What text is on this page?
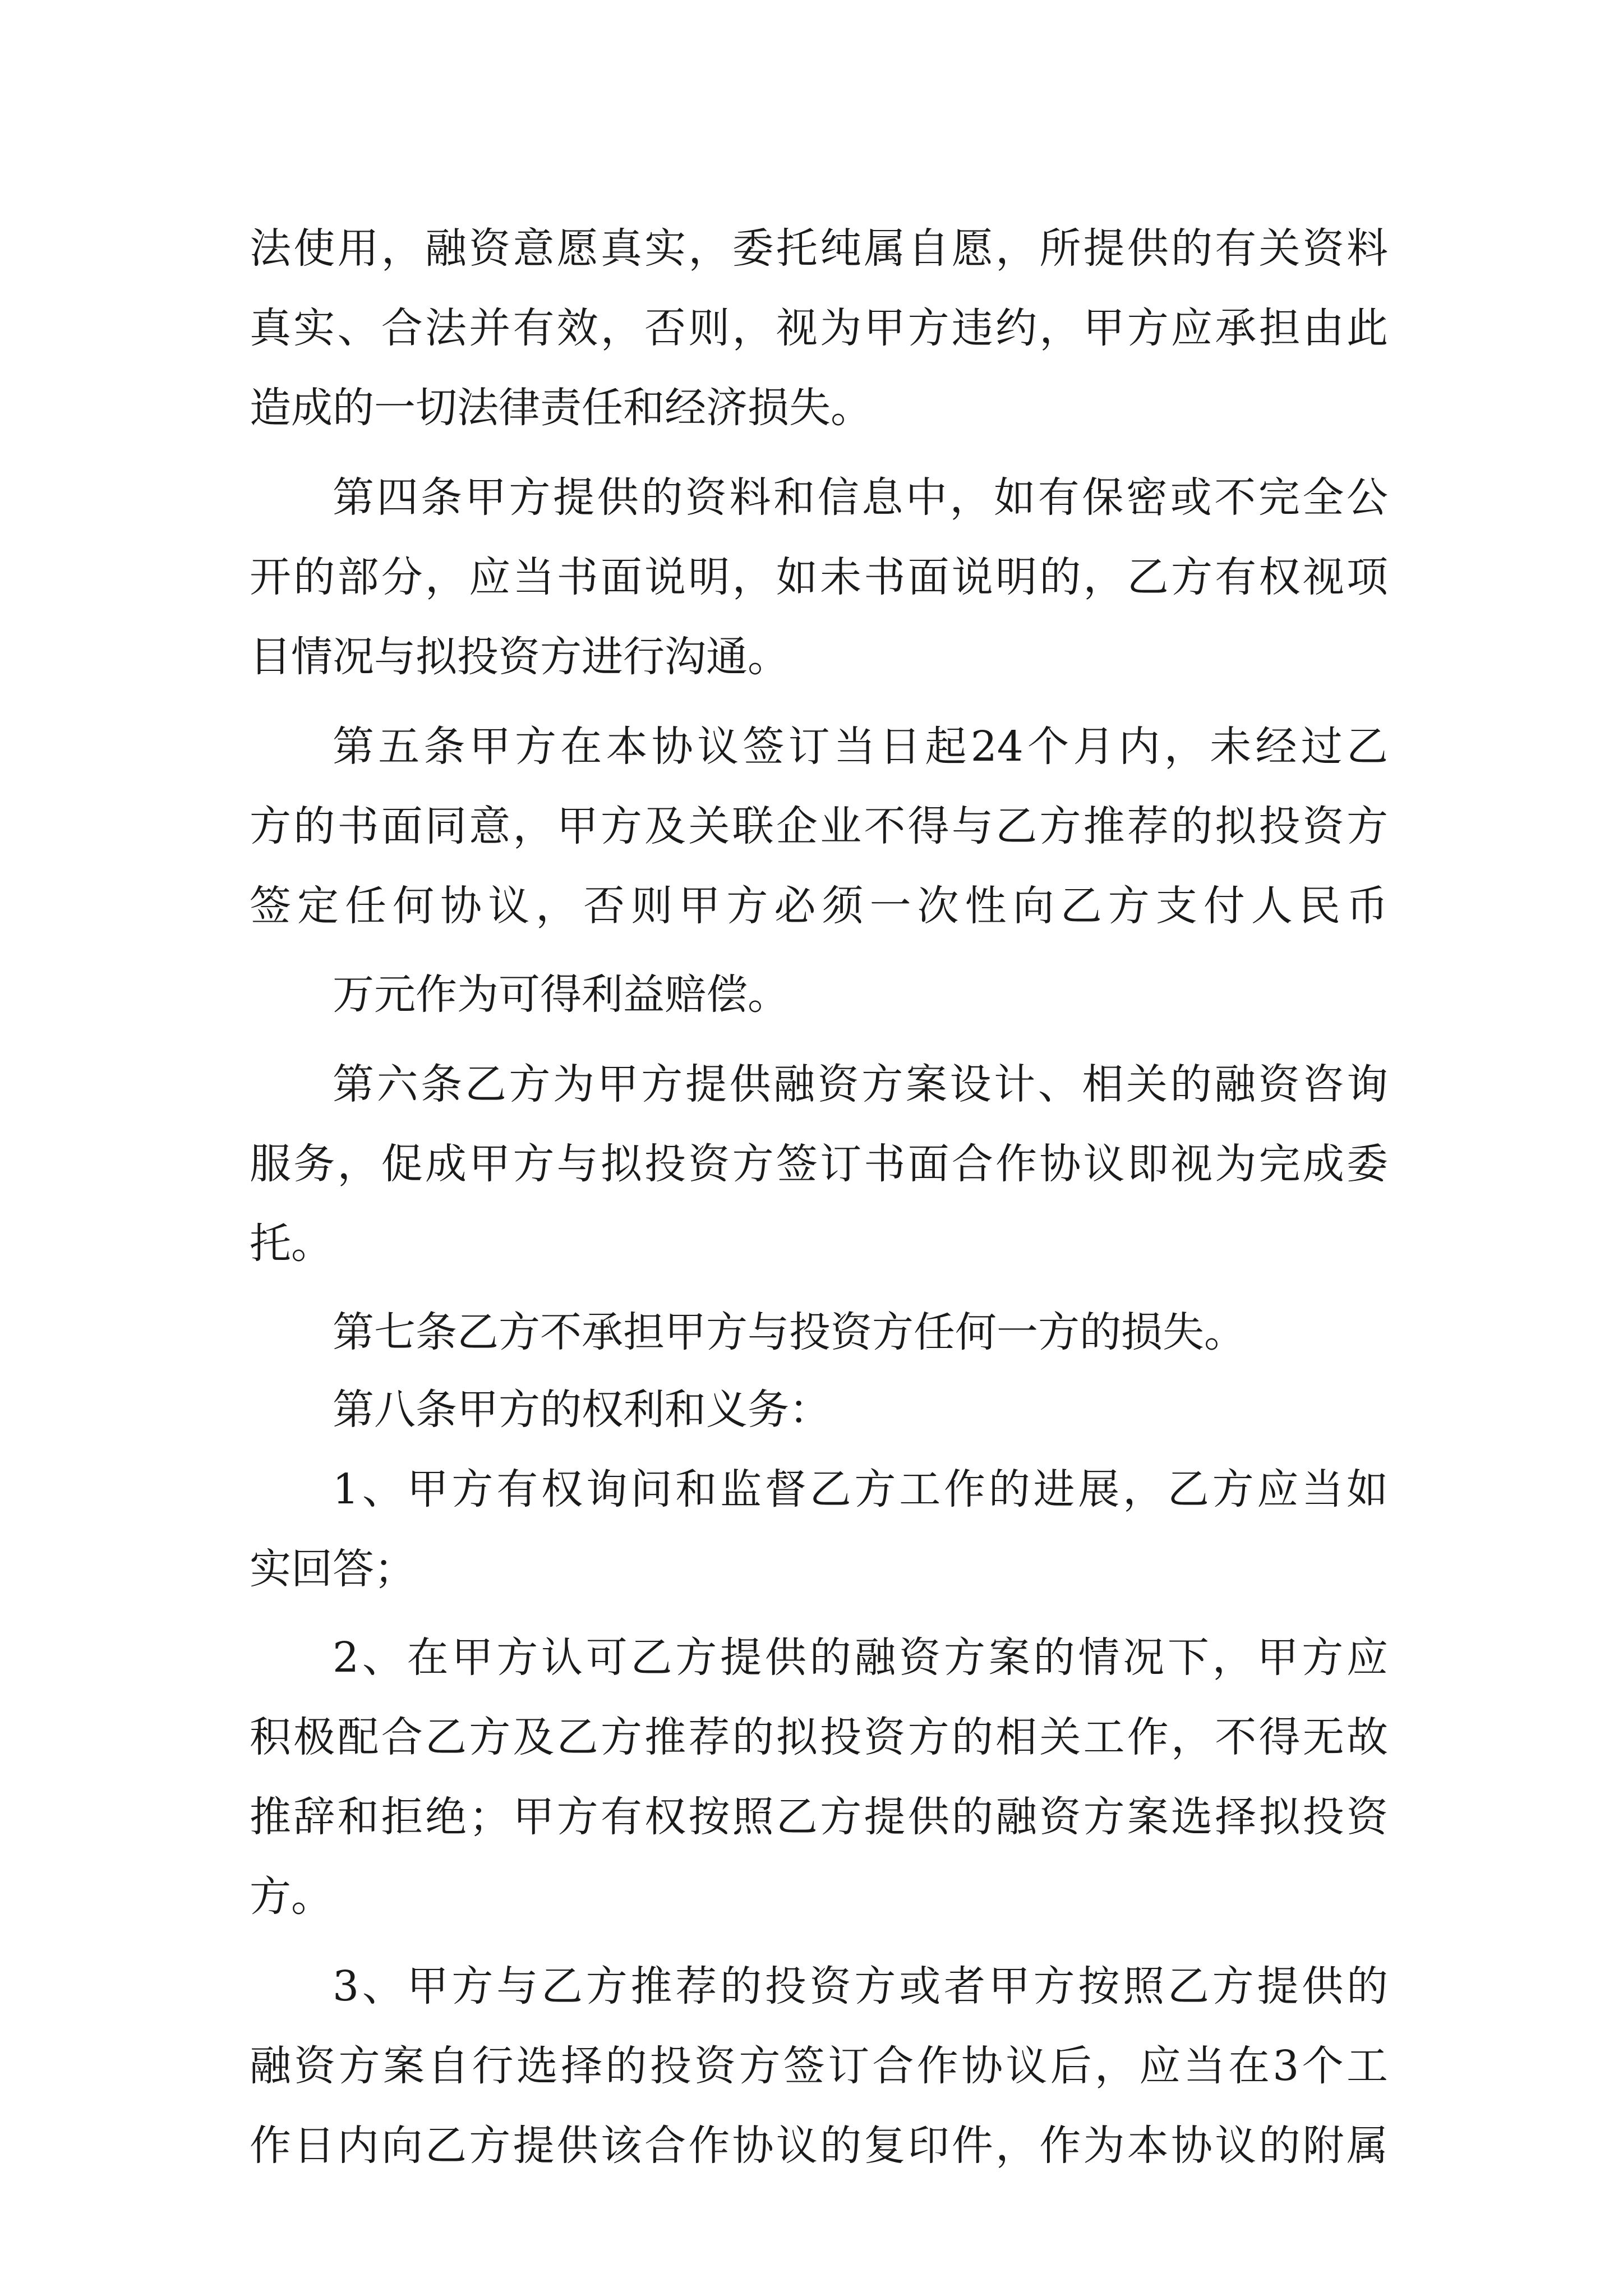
法使用，融资意愿真实，委托纯属自愿，所提供的有关资料

真实、合法并有效，否则，视为甲方违约，甲方应承担由此

造成的一切法律责任和经济损失。

第四条甲方提供的资料和信息中，如有保密或不完全公

开的部分，应当书面说明，如未书面说明的，乙方有权视项

目情况与拟投资方进行沟通。

第五条甲方在本协议签订当日起24个月内，未经过乙

方的书面同意，甲方及关联企业不得与乙方推荐的拟投资方

签定任何协议，否则甲方必须一次性向乙方支付人民币

万元作为可得利益赔偿。

第六条乙方为甲方提供融资方案设计、相关的融资咨询

服务，促成甲方与拟投资方签订书面合作协议即视为完成委

托。

第七条乙方不承担甲方与投资方任何一方的损失。

第八条甲方的权利和义务：

1、甲方有权询问和监督乙方工作的进展，乙方应当如

实回答；

2、在甲方认可乙方提供的融资方案的情况下，甲方应

积极配合乙方及乙方推荐的拟投资方的相关工作，不得无故

推辞和拒绝；甲方有权按照乙方提供的融资方案选择拟投资

方。

3、甲方与乙方推荐的投资方或者甲方按照乙方提供的

融资方案自行选择的投资方签订合作协议后，应当在3个工

作日内向乙方提供该合作协议的复印件，作为本协议的附属
